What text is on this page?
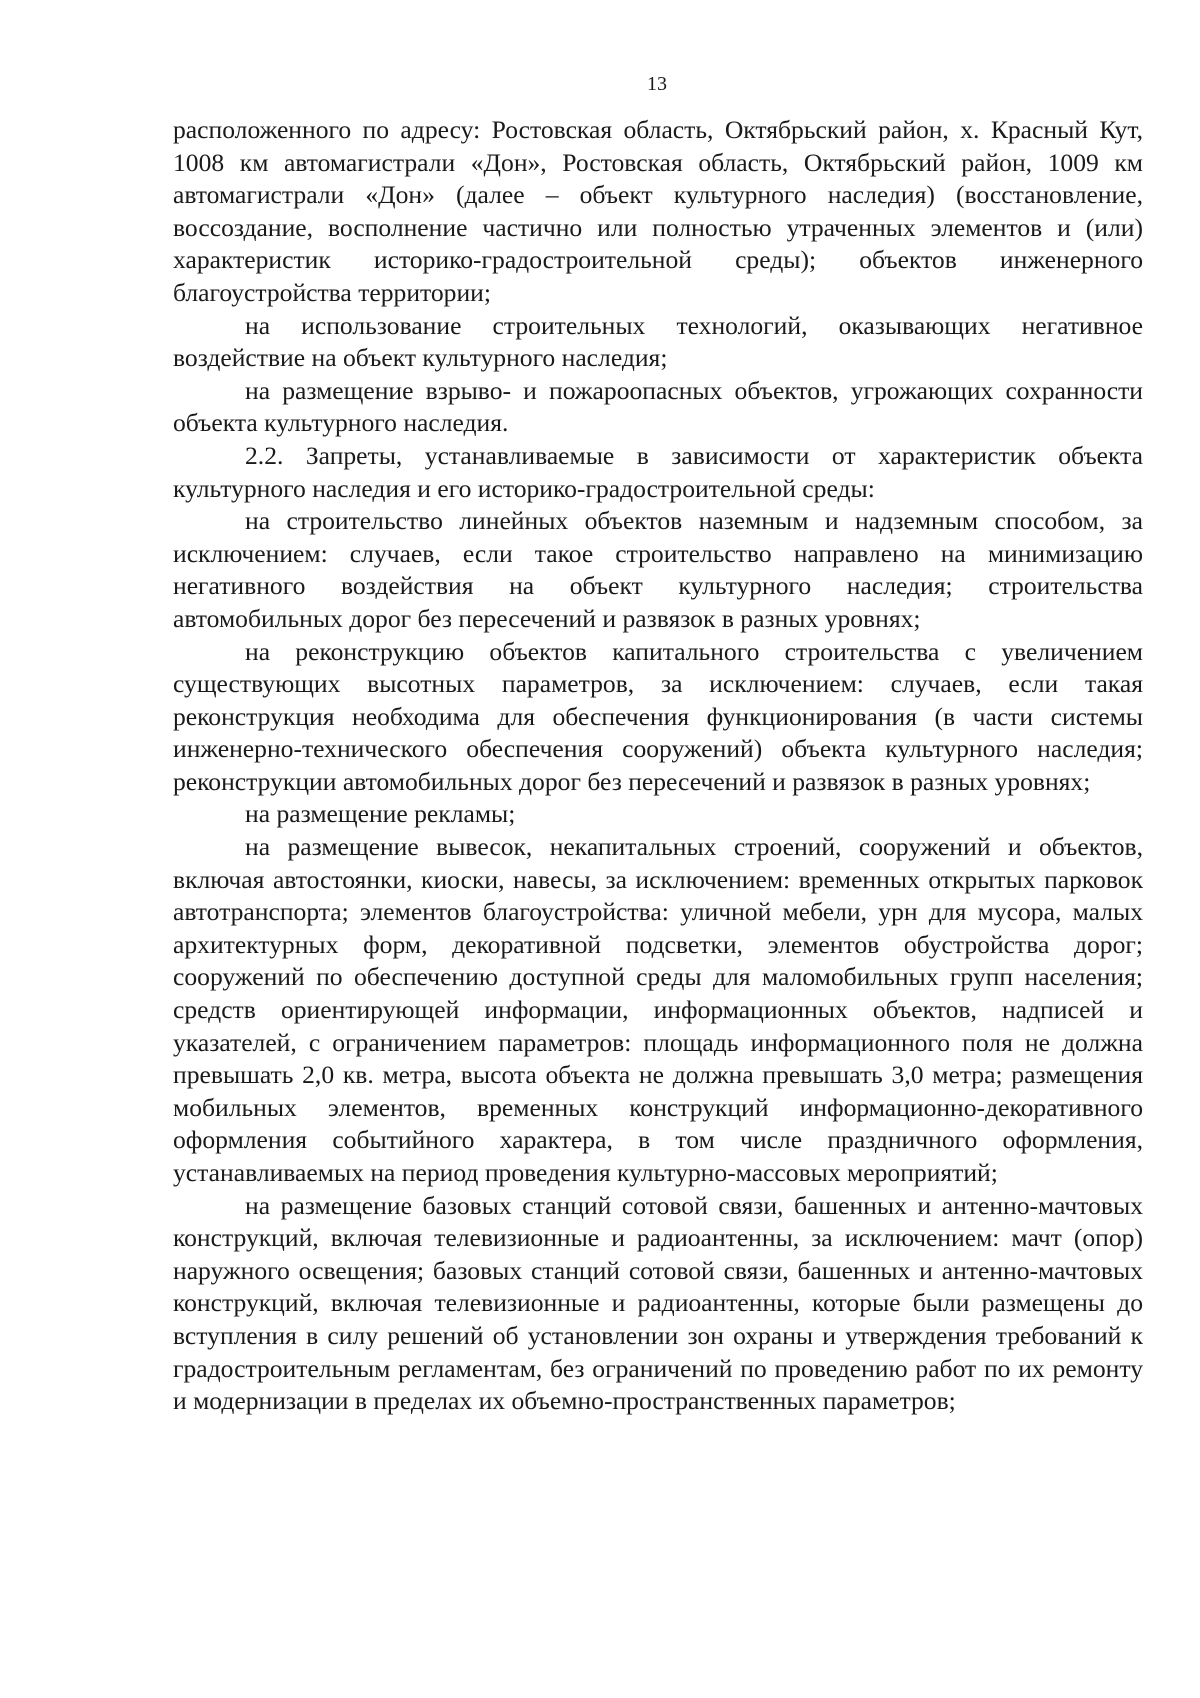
13

расположенного по адресу: Ростовская область, Октябрьский район, х. Красный Кут, 1008 км автомагистрали «Дон», Ростовская область, Октябрьский район, 1009 км автомагистрали «Дон» (далее – объект культурного наследия) (восстановление, воссоздание, восполнение частично или полностью утраченных элементов и (или) характеристик историко-градостроительной среды); объектов инженерного благоустройства территории;

на использование строительных технологий, оказывающих негативное воздействие на объект культурного наследия;

на размещение взрыво- и пожароопасных объектов, угрожающих сохранности объекта культурного наследия.

2.2. Запреты, устанавливаемые в зависимости от характеристик объекта культурного наследия и его историко-градостроительной среды:

на строительство линейных объектов наземным и надземным способом, за исключением: случаев, если такое строительство направлено на минимизацию негативного воздействия на объект культурного наследия; строительства автомобильных дорог без пересечений и развязок в разных уровнях;

на реконструкцию объектов капитального строительства с увеличением существующих высотных параметров, за исключением: случаев, если такая реконструкция необходима для обеспечения функционирования (в части системы инженерно-технического обеспечения сооружений) объекта культурного наследия; реконструкции автомобильных дорог без пересечений и развязок в разных уровнях;

на размещение рекламы;

на размещение вывесок, некапитальных строений, сооружений и объектов, включая автостоянки, киоски, навесы, за исключением: временных открытых парковок автотранспорта; элементов благоустройства: уличной мебели, урн для мусора, малых архитектурных форм, декоративной подсветки, элементов обустройства дорог; сооружений по обеспечению доступной среды для маломобильных групп населения; средств ориентирующей информации, информационных объектов, надписей и указателей, с ограничением параметров: площадь информационного поля не должна превышать 2,0 кв. метра, высота объекта не должна превышать 3,0 метра; размещения мобильных элементов, временных конструкций информационно-декоративного оформления событийного характера, в том числе праздничного оформления, устанавливаемых на период проведения культурно-массовых мероприятий;

на размещение базовых станций сотовой связи, башенных и антенно-мачтовых конструкций, включая телевизионные и радиоантенны, за исключением: мачт (опор) наружного освещения; базовых станций сотовой связи, башенных и антенно-мачтовых конструкций, включая телевизионные и радиоантенны, которые были размещены до вступления в силу решений об установлении зон охраны и утверждения требований к градостроительным регламентам, без ограничений по проведению работ по их ремонту и модернизации в пределах их объемно-пространственных параметров;
